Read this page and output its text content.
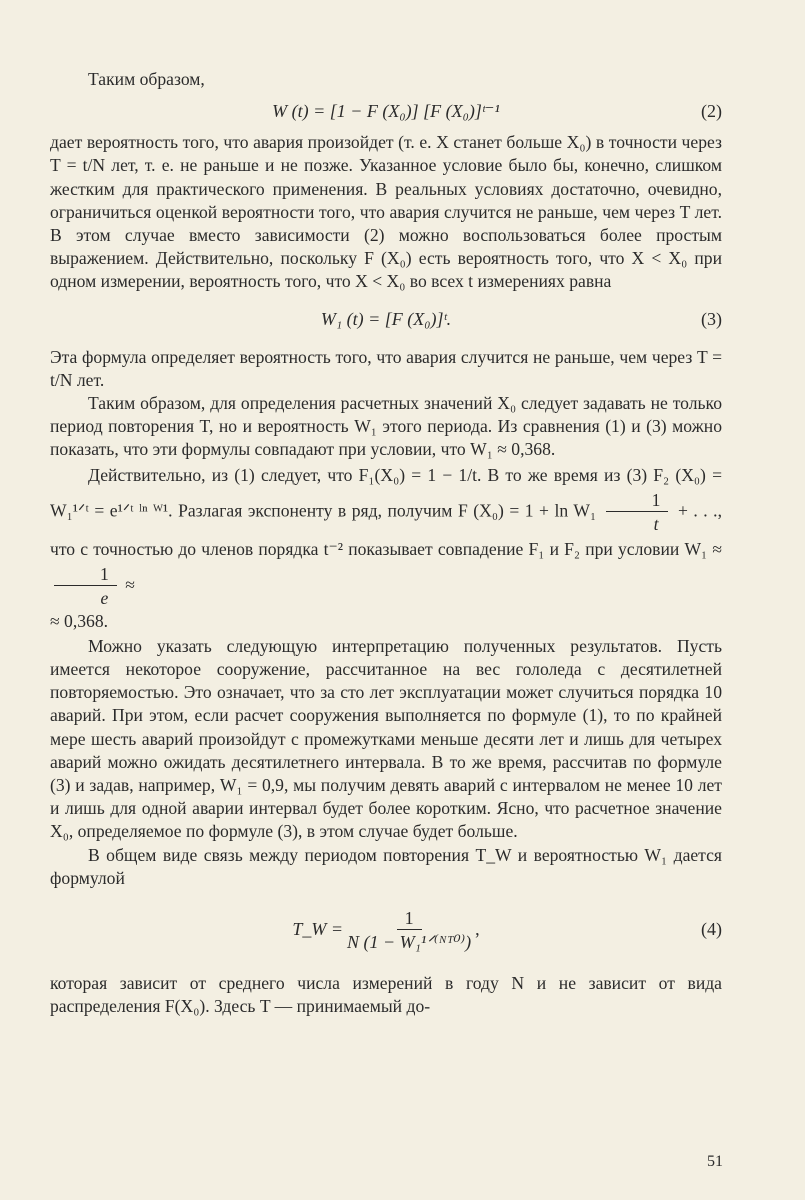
Таким образом,

W (t) = [1 − F (X₀)] [F (X₀)]ᵗ⁻¹	(2)

дает вероятность того, что авария произойдет (т. е. X станет больше X₀) в точности через T = t/N лет, т. е. не раньше и не позже. Указанное условие было бы, конечно, слишком жестким для практического применения. В реальных условиях достаточно, очевидно, ограничиться оценкой вероятности того, что авария случится не раньше, чем через T лет. В этом случае вместо зависимости (2) можно воспользоваться более простым выражением. Действительно, поскольку F (X₀) есть вероятность того, что X < X₀ при одном измерении, вероятность того, что X < X₀ во всех t измерениях равна

W₁ (t) = [F (X₀)]ᵗ.	(3)

Эта формула определяет вероятность того, что авария случится не раньше, чем через T = t/N лет.

Таким образом, для определения расчетных значений X₀ следует задавать не только период повторения T, но и вероятность W₁ этого периода. Из сравнения (1) и (3) можно показать, что эти формулы совпадают при условии, что W₁ ≈ 0,368.

Действительно, из (1) следует, что F₁(X₀) = 1 − 1/t. В то же время из (3) F₂ (X₀) = W₁¹ᐟᵗ = e¹ᐟᵗ ˡⁿ ᵂ¹. Разлагая экспоненту в ряд, получим F $(X_0) = 1 + \ln W_1 \frac{1}{t}$ + . . ., что с точностью до членов порядка t⁻² показывает совпадение F₁ и F₂ при условии W₁ ≈
$\frac{1}{e}$ ≈

≈ 0,368.

Можно указать следующую интерпретацию полученных результатов. Пусть имеется некоторое сооружение, рассчитанное на вес гололеда с десятилетней повторяемостью. Это означает, что за сто лет эксплуатации может случиться порядка 10 аварий. При этом, если расчет сооружения выполняется по формуле (1), то по крайней мере шесть аварий произойдут с промежутками меньше десяти лет и лишь для четырех аварий можно ожидать десятилетнего интервала. В то же время, рассчитав по формуле (3) и задав, например, W₁ = 0,9, мы получим девять аварий с интервалом не менее 10 лет и лишь для одной аварии интервал будет более коротким. Ясно, что расчетное значение X₀, определяемое по формуле (3), в этом случае будет больше.

В общем виде связь между периодом повторения T_W и вероятностью W₁ дается формулой

T_W = $\frac{1}{\text{N (1 − W₁¹ᐟ⁽ᴺᵀ⁰⁾)}}$ ,	(4)

которая зависит от среднего числа измерений в году N и не зависит от вида распределения F(X₀). Здесь T — принимаемый до-

51
